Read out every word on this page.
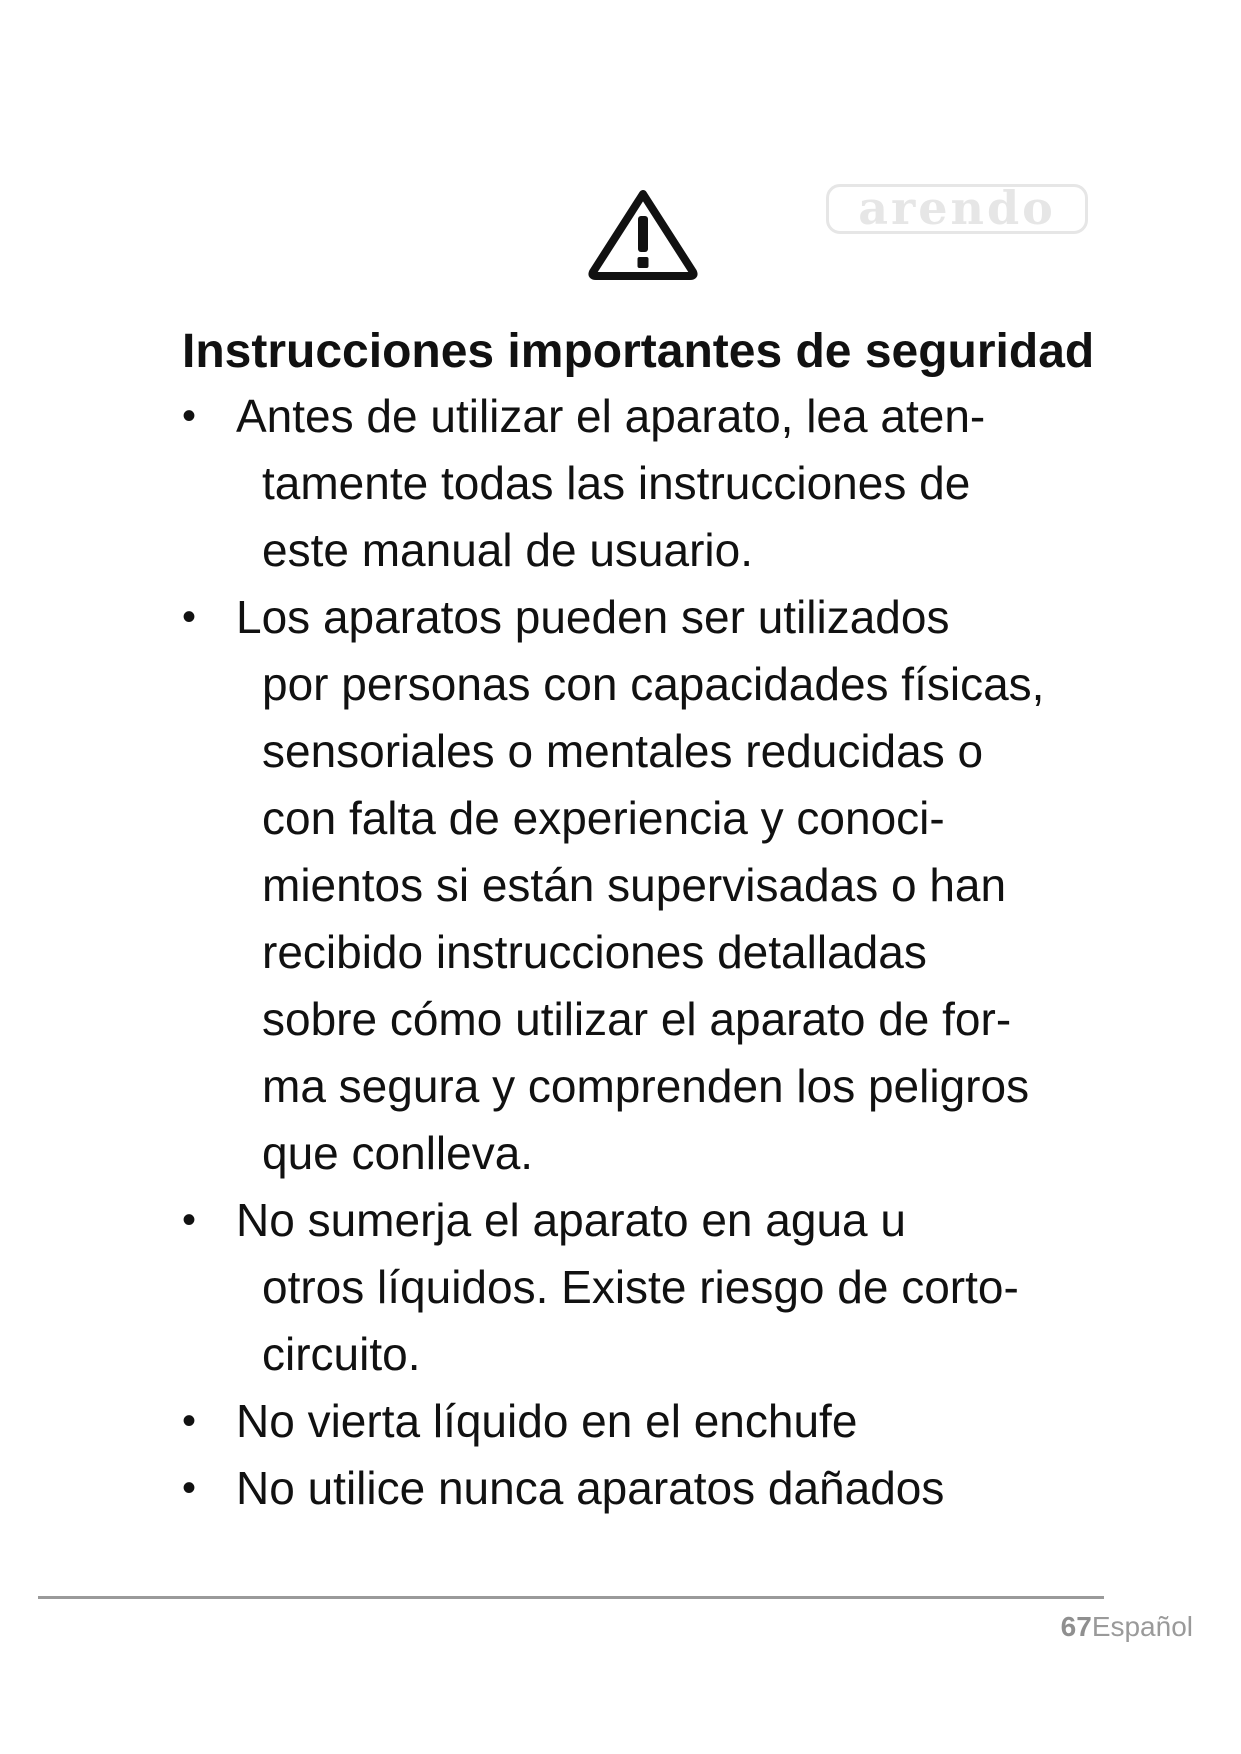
arendo
Instrucciones importantes de seguridad
• Antes de utilizar el aparato, lea aten-
tamente todas las instrucciones de
este manual de usuario.
• Los aparatos pueden ser utilizados
por personas con capacidades físicas,
sensoriales o mentales reducidas o
con falta de experiencia y conoci-
mientos si están supervisadas o han
recibido instrucciones detalladas
sobre cómo utilizar el aparato de for-
ma segura y comprenden los peligros
que conlleva.
• No sumerja el aparato en agua u
otros líquidos. Existe riesgo de corto-
circuito.
• No vierta líquido en el enchufe
• No utilice nunca aparatos dañados
67Español
